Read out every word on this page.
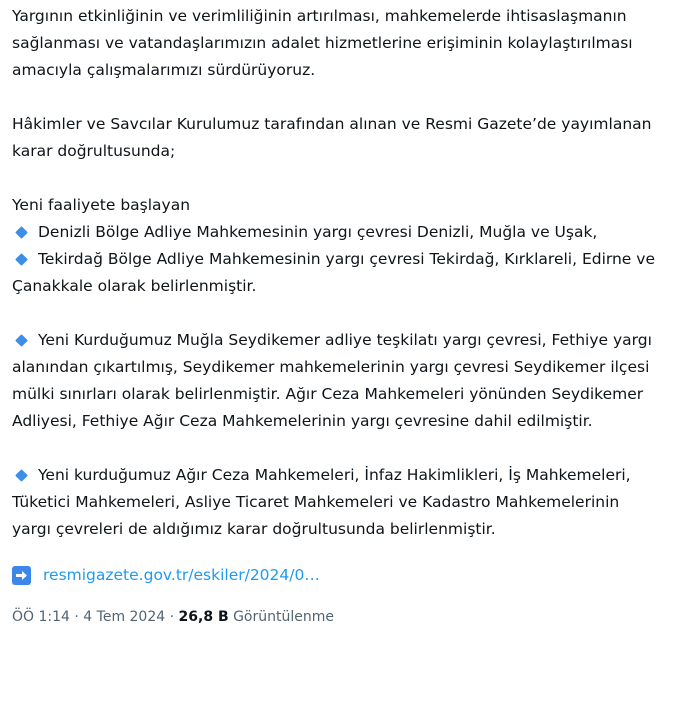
Yargının etkinliğinin ve verimliliğinin artırılması, mahkemelerde ihtisaslaşmanın sağlanması ve vatandaşlarımızın adalet hizmetlerine erişiminin kolaylaştırılması amacıyla çalışmalarımızı sürdürüyoruz.

Hâkimler ve Savcılar Kurulumuz tarafından alınan ve Resmi Gazete’de yayımlanan karar doğrultusunda;

Yeni faaliyete başlayan

Denizli Bölge Adliye Mahkemesinin yargı çevresi Denizli, Muğla ve Uşak,

Tekirdağ Bölge Adliye Mahkemesinin yargı çevresi Tekirdağ, Kırklareli, Edirne ve Çanakkale olarak belirlenmiştir.

Yeni Kurduğumuz Muğla Seydikemer adliye teşkilatı yargı çevresi, Fethiye yargı alanından çıkartılmış, Seydikemer mahkemelerinin yargı çevresi Seydikemer ilçesi mülki sınırları olarak belirlenmiştir. Ağır Ceza Mahkemeleri yönünden Seydikemer Adliyesi, Fethiye Ağır Ceza Mahkemelerinin yargı çevresine dahil edilmiştir.

Yeni kurduğumuz Ağır Ceza Mahkemeleri, İnfaz Hakimlikleri, İş Mahkemeleri, Tüketici Mahkemeleri, Asliye Ticaret Mahkemeleri ve Kadastro Mahkemelerinin yargı çevreleri de aldığımız karar doğrultusunda belirlenmiştir.

resmigazete.gov.tr/eskiler/2024/0…
ÖÖ 1:14 · 4 Tem 2024 · 26,8 B Görüntülenme
